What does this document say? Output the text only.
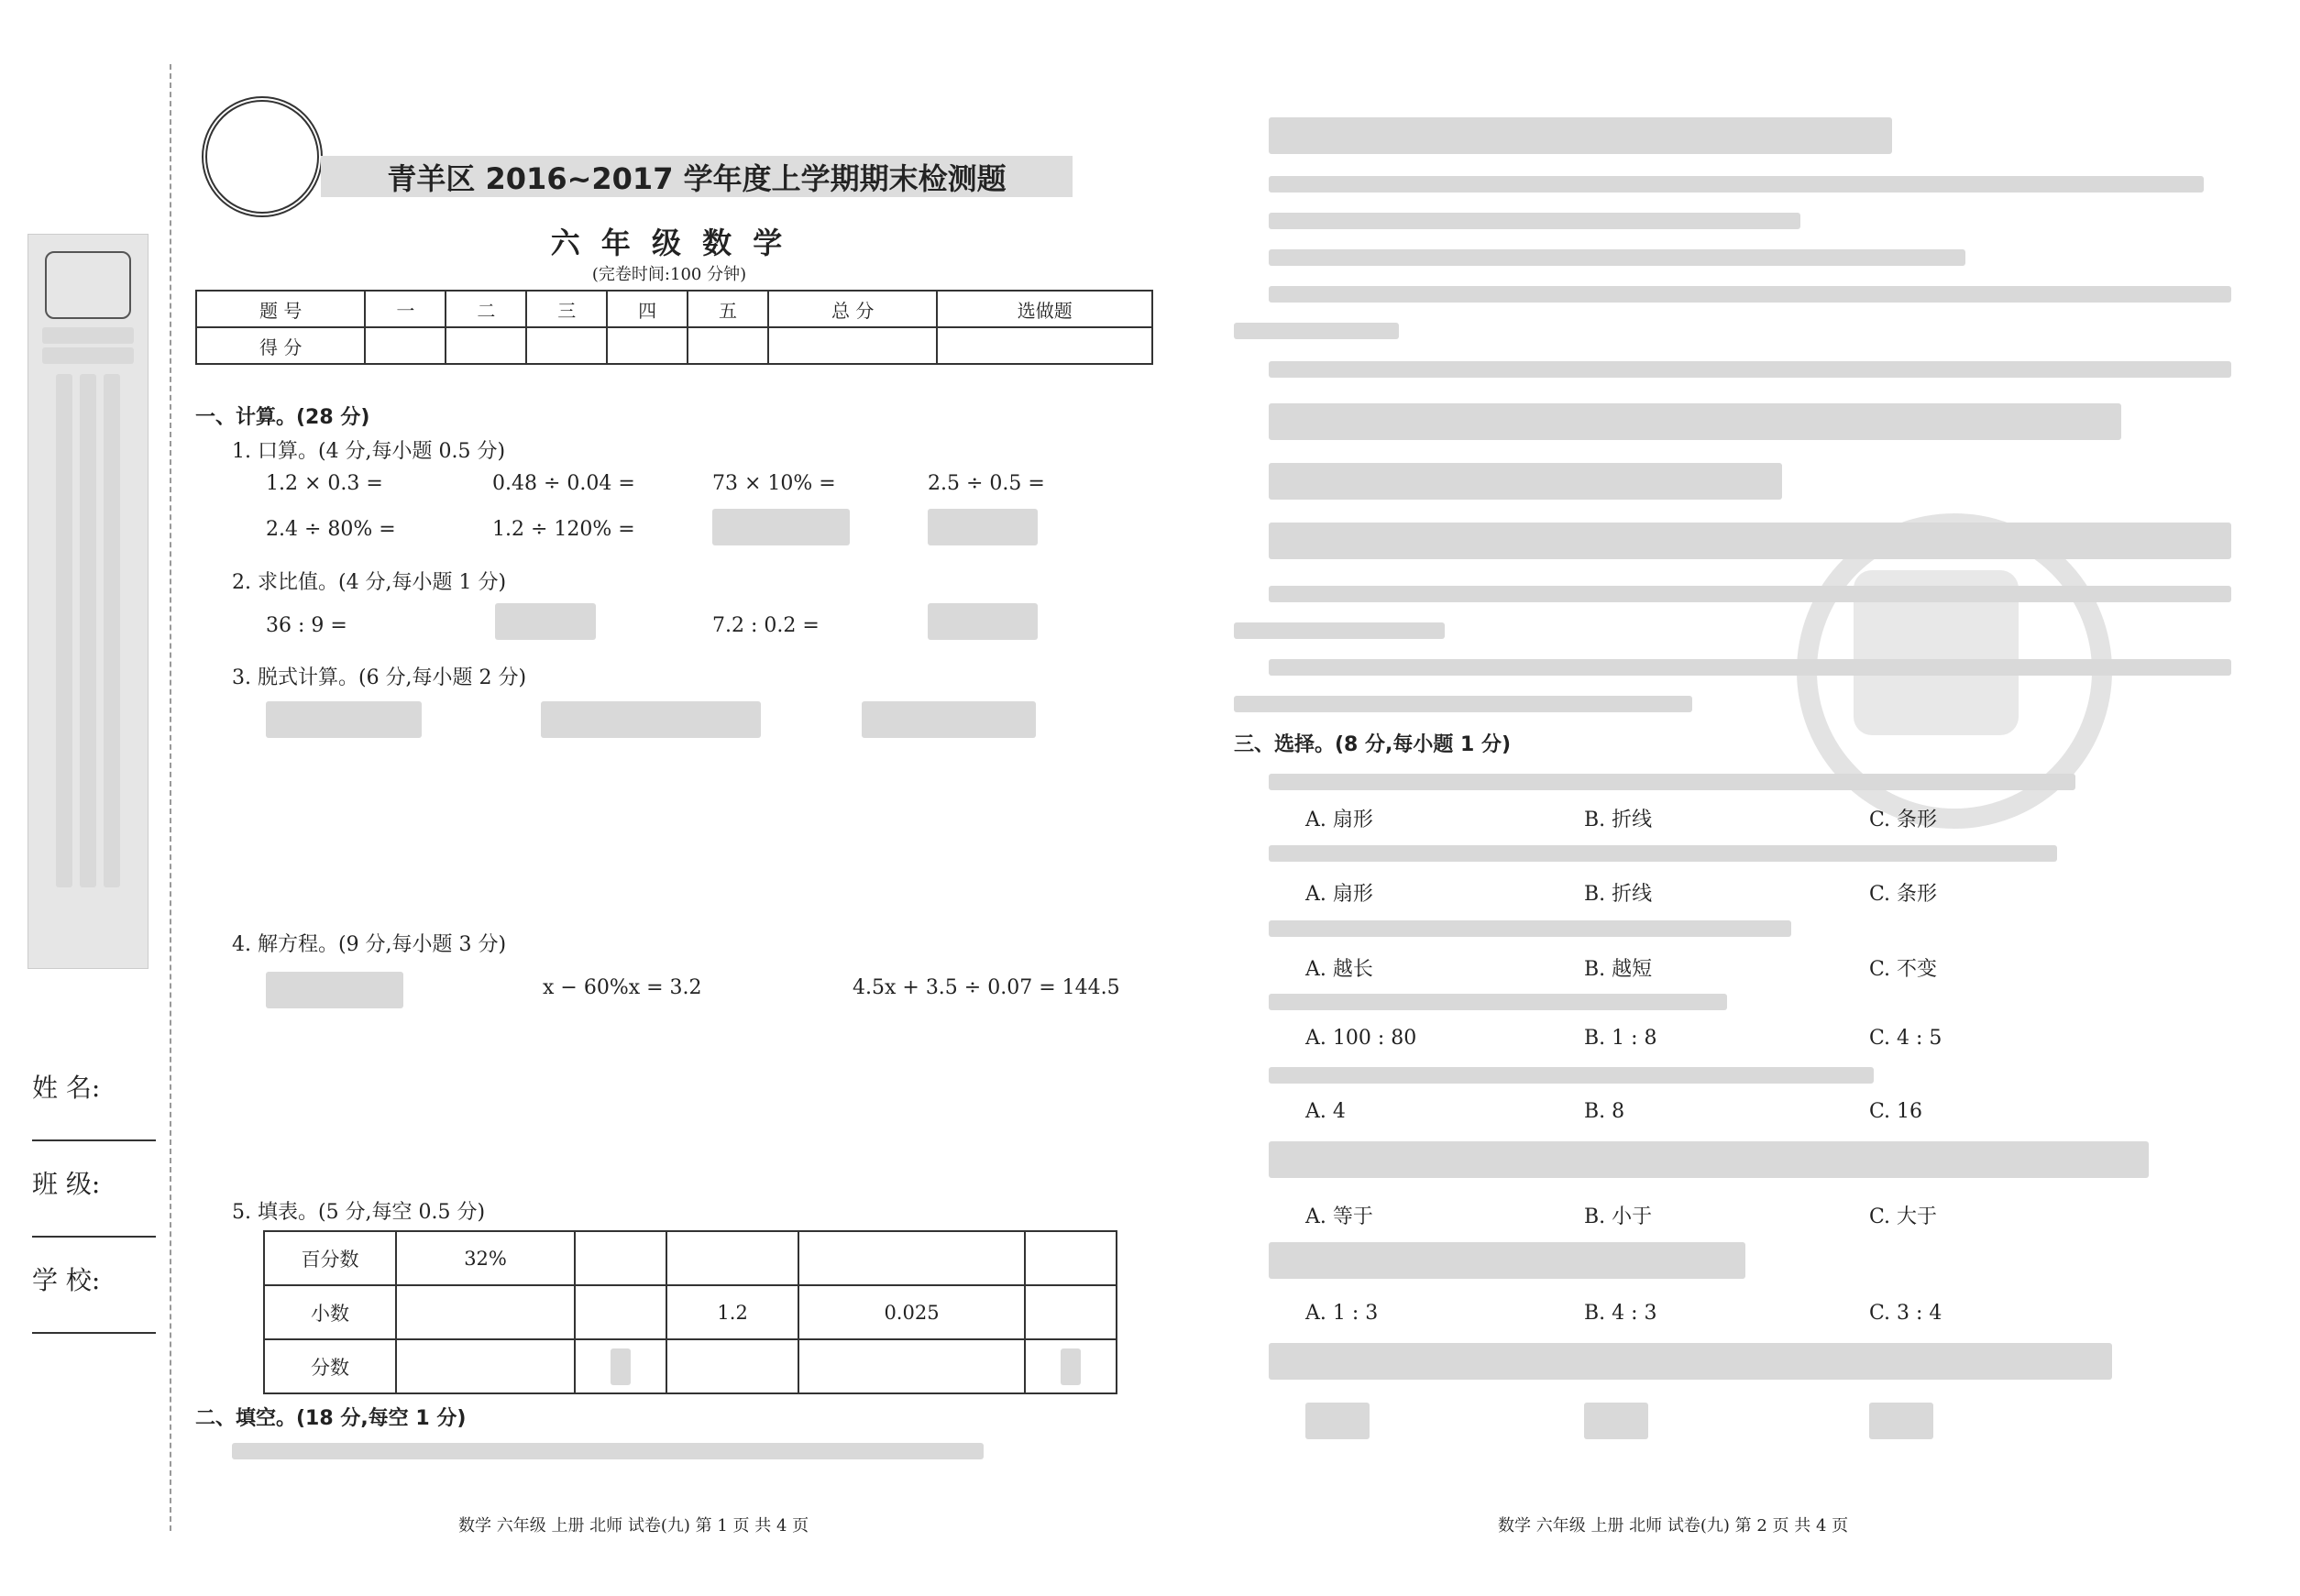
姓 名:
班 级:
学 校:
青羊区 2016~2017 学年度上学期期末检测题
六 年 级 数 学
(完卷时间:100 分钟)
题 号	一	二	三	四	五	总 分	选做题
得 分							
一、计算。(28 分)
1. 口算。(4 分,每小题 0.5 分)
1.2 × 0.3 =	0.48 ÷ 0.04 =	73 × 10% =	2.5 ÷ 0.5 =
2.4 ÷ 80% =	1.2 ÷ 120% =
2. 求比值。(4 分,每小题 1 分)
36 : 9 =	7.2 : 0.2 =
3. 脱式计算。(6 分,每小题 2 分)
4. 解方程。(9 分,每小题 3 分)
x − 60%x = 3.2	4.5x + 3.5 ÷ 0.07 = 144.5
5. 填表。(5 分,每空 0.5 分)
百分数	32%				
小数			1.2	0.025	
分数					
二、填空。(18 分,每空 1 分)
数学 六年级 上册 北师 试卷(九) 第 1 页 共 4 页
三、选择。(8 分,每小题 1 分)
A. 扇形	B. 折线	C. 条形
A. 扇形	B. 折线	C. 条形
A. 越长	B. 越短	C. 不变
A. 100 : 80	B. 1 : 8	C. 4 : 5
A. 4	B. 8	C. 16
A. 等于	B. 小于	C. 大于
A. 1 : 3	B. 4 : 3	C. 3 : 4
数学 六年级 上册 北师 试卷(九) 第 2 页 共 4 页
